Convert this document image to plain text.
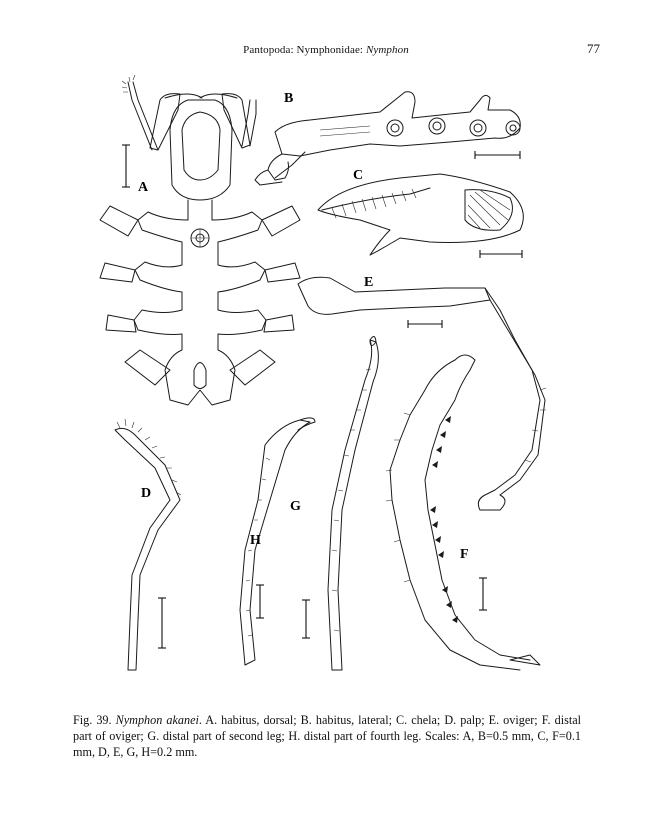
Pantopoda: Nymphonidae: Nymphon	77
A
B
C
E
F
D
H
G
Fig. 39. Nymphon akanei. A. habitus, dorsal; B. habitus, lateral; C. chela; D. palp; E. oviger; F. distal part of oviger; G. distal part of second leg; H. distal part of fourth leg. Scales: A, B=0.5 mm, C, F=0.1 mm, D, E, G, H=0.2 mm.
